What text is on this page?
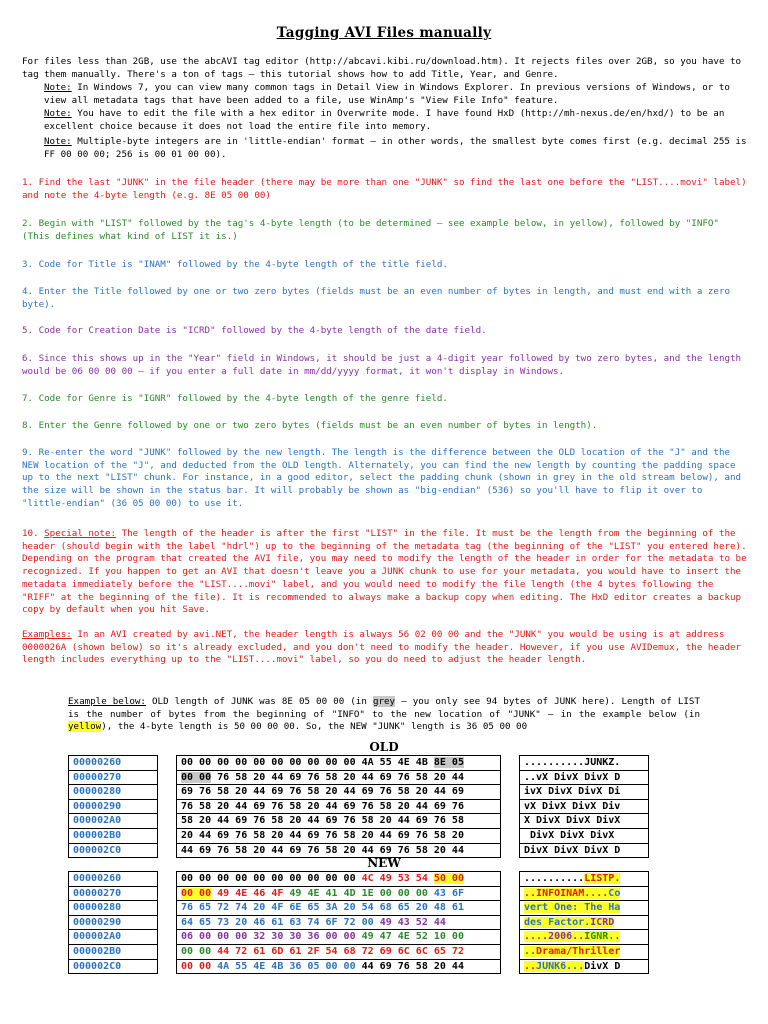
Tagging AVI Files manually
For files less than 2GB, use the abcAVI tag editor (http://abcavi.kibi.ru/download.htm). It rejects files over 2GB, so you have to tag them manually. There's a ton of tags – this tutorial shows how to add Title, Year, and Genre.
Note: In Windows 7, you can view many common tags in Detail View in Windows Explorer. In previous versions of Windows, or to view all metadata tags that have been added to a file, use WinAmp's "View File Info" feature.
Note: You have to edit the file with a hex editor in Overwrite mode. I have found HxD (http://mh-nexus.de/en/hxd/) to be an excellent choice because it does not load the entire file into memory.
Note: Multiple-byte integers are in 'little-endian' format – in other words, the smallest byte comes first (e.g. decimal 255 is FF 00 00 00; 256 is 00 01 00 00).
1. Find the last "JUNK" in the file header (there may be more than one "JUNK" so find the last one before the "LIST....movi" label) and note the 4-byte length (e.g. 8E 05 00 00)
2. Begin with "LIST" followed by the tag's 4-byte length (to be determined – see example below, in yellow), followed by "INFO" (This defines what kind of LIST it is.)
3. Code for Title is "INAM" followed by the 4-byte length of the title field.
4. Enter the Title followed by one or two zero bytes (fields must be an even number of bytes in length, and must end with a zero byte).
5. Code for Creation Date is "ICRD" followed by the 4-byte length of the date field.
6. Since this shows up in the "Year" field in Windows, it should be just a 4-digit year followed by two zero bytes, and the length would be 06 00 00 00 – if you enter a full date in mm/dd/yyyy format, it won't display in Windows.
7. Code for Genre is "IGNR" followed by the 4-byte length of the genre field.
8. Enter the Genre followed by one or two zero bytes (fields must be an even number of bytes in length).
9. Re-enter the word "JUNK" followed by the new length. The length is the difference between the OLD location of the "J" and the NEW location of the "J", and deducted from the OLD length. Alternately, you can find the new length by counting the padding space up to the next "LIST" chunk. For instance, in a good editor, select the padding chunk (shown in grey in the old stream below), and the size will be shown in the status bar. It will probably be shown as "big-endian" (536) so you'll have to flip it over to "little-endian" (36 05 00 00) to use it.
10. Special note: The length of the header is after the first "LIST" in the file. It must be the length from the beginning of the header (should begin with the label "hdrl") up to the beginning of the metadata tag (the beginning of the "LIST" you entered here). Depending on the program that created the AVI file, you may need to modify the length of the header in order for the metadata to be recognized. If you happen to get an AVI that doesn't leave you a JUNK chunk to use for your metadata, you would have to insert the metadata immediately before the "LIST....movi" label, and you would need to modify the file length (the 4 bytes following the "RIFF" at the beginning of the file). It is recommended to always make a backup copy when editing. The HxD editor creates a backup copy by default when you hit Save.
Examples: In an AVI created by avi.NET, the header length is always 56 02 00 00 and the "JUNK" you would be using is at address 0000026A (shown below) so it's already excluded, and you don't need to modify the header. However, if you use AVIDemux, the header length includes everything up to the "LIST....movi" label, so you do need to adjust the header length.
Example below: OLD length of JUNK was 8E 05 00 00 (in grey – you only see 94 bytes of JUNK here). Length of LIST is the number of bytes from the beginning of "INFO" to the new location of "JUNK" – in the example below (in yellow), the 4-byte length is 50 00 00 00. So, the NEW "JUNK" length is 36 05 00 00
OLD
00000260		00 00 00 00 00 00 00 00 00 00 4A 55 4E 4B 8E 05		..........JUNKZ.
00000270		00 00 76 58 20 44 69 76 58 20 44 69 76 58 20 44		..vX DivX DivX D
00000280		69 76 58 20 44 69 76 58 20 44 69 76 58 20 44 69		ivX DivX DivX Di
00000290		76 58 20 44 69 76 58 20 44 69 76 58 20 44 69 76		vX DivX DivX Div
000002A0		58 20 44 69 76 58 20 44 69 76 58 20 44 69 76 58		X DivX DivX DivX
000002B0		20 44 69 76 58 20 44 69 76 58 20 44 69 76 58 20		DivX DivX DivX
000002C0		44 69 76 58 20 44 69 76 58 20 44 69 76 58 20 44		DivX DivX DivX D
NEW
00000260		00 00 00 00 00 00 00 00 00 00 4C 49 53 54 50 00		..........LISTP.
00000270		00 00 49 4E 46 4F 49 4E 41 4D 1E 00 00 00 43 6F		..INFOINAM....Co
00000280		76 65 72 74 20 4F 6E 65 3A 20 54 68 65 20 48 61		vert One: The Ha
00000290		64 65 73 20 46 61 63 74 6F 72 00 49 43 52 44		des Factor.ICRD
000002A0		06 00 00 00 32 30 30 36 00 00 49 47 4E 52 10 00		....2006..IGNR..
000002B0		00 00 44 72 61 6D 61 2F 54 68 72 69 6C 6C 65 72		..Drama/Thriller
000002C0		00 00 4A 55 4E 4B 36 05 00 00 44 69 76 58 20 44		..JUNK6...DivX D
